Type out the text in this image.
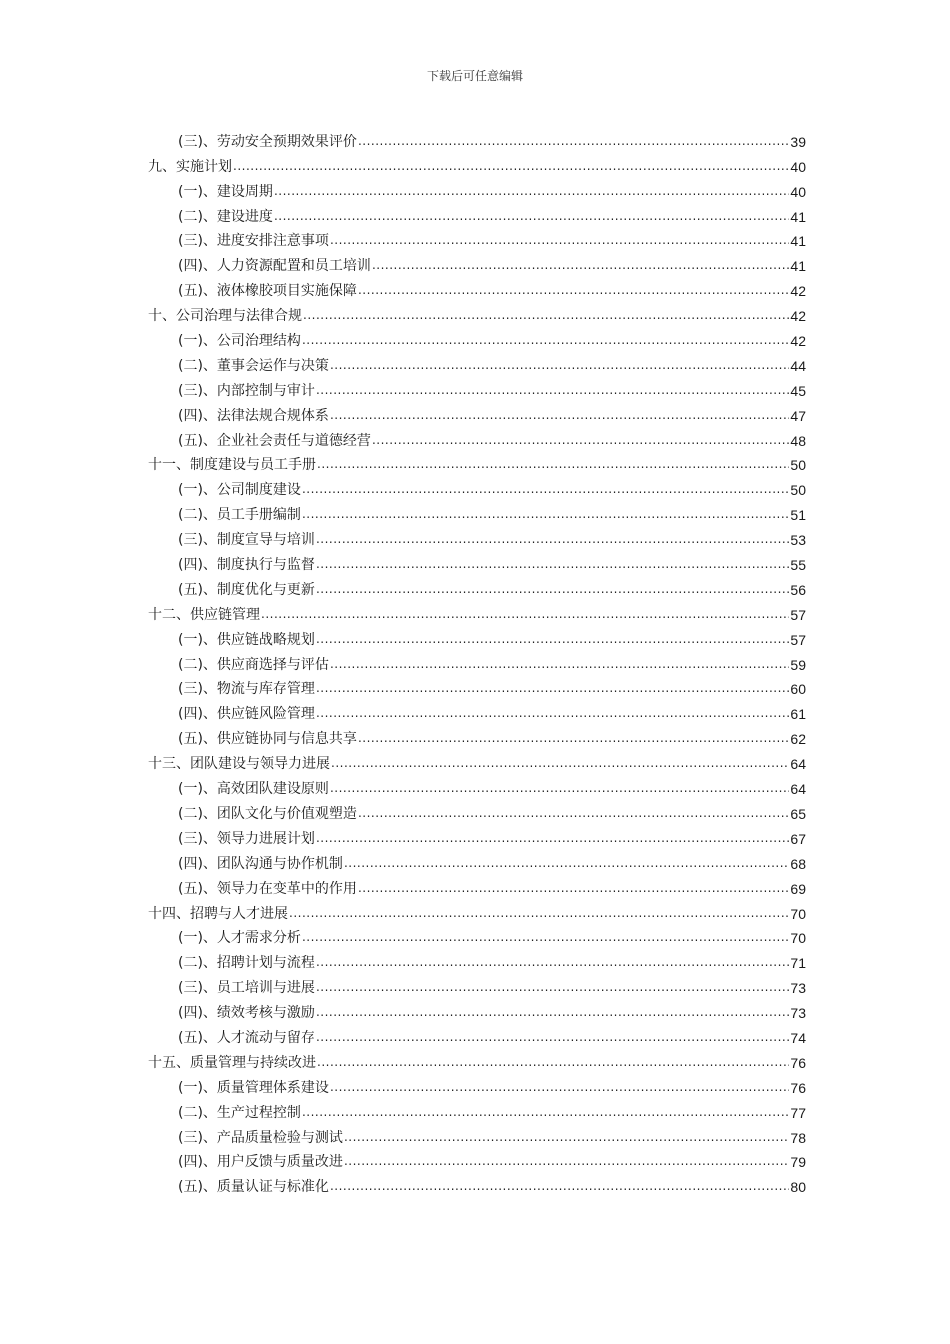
下载后可任意编辑
(三)、劳动安全预期效果评价 .....	39
九、实施计划 .....	40
(一)、建设周期 .....	40
(二)、建设进度 .....	41
(三)、进度安排注意事项 .....	41
(四)、人力资源配置和员工培训 .....	41
(五)、液体橡胶项目实施保障 .....	42
十、公司治理与法律合规 .....	42
(一)、公司治理结构 .....	42
(二)、董事会运作与决策 .....	44
(三)、内部控制与审计 .....	45
(四)、法律法规合规体系 .....	47
(五)、企业社会责任与道德经营 .....	48
十一、制度建设与员工手册 .....	50
(一)、公司制度建设 .....	50
(二)、员工手册编制 .....	51
(三)、制度宣导与培训 .....	53
(四)、制度执行与监督 .....	55
(五)、制度优化与更新 .....	56
十二、供应链管理 .....	57
(一)、供应链战略规划 .....	57
(二)、供应商选择与评估 .....	59
(三)、物流与库存管理 .....	60
(四)、供应链风险管理 .....	61
(五)、供应链协同与信息共享 .....	62
十三、团队建设与领导力进展 .....	64
(一)、高效团队建设原则 .....	64
(二)、团队文化与价值观塑造 .....	65
(三)、领导力进展计划 .....	67
(四)、团队沟通与协作机制 .....	68
(五)、领导力在变革中的作用 .....	69
十四、招聘与人才进展 .....	70
(一)、人才需求分析 .....	70
(二)、招聘计划与流程 .....	71
(三)、员工培训与进展 .....	73
(四)、绩效考核与激励 .....	73
(五)、人才流动与留存 .....	74
十五、质量管理与持续改进 .....	76
(一)、质量管理体系建设 .....	76
(二)、生产过程控制 .....	77
(三)、产品质量检验与测试 .....	78
(四)、用户反馈与质量改进 .....	79
(五)、质量认证与标准化 .....	80
